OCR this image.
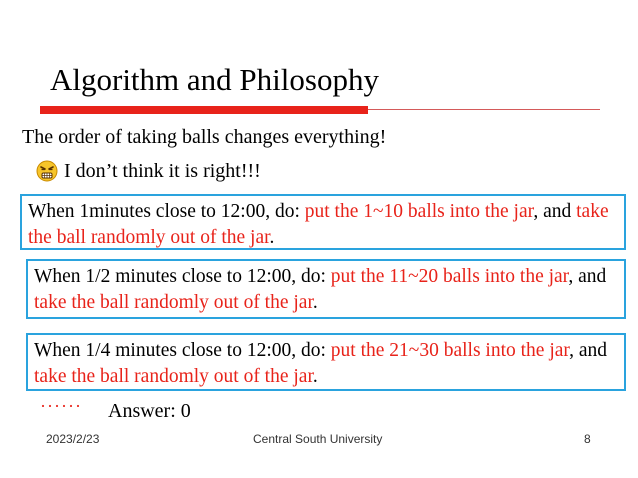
Algorithm and Philosophy
The order of taking balls changes everything!
I don’t think it is right!!!
When 1minutes close to 12:00, do: put the 1~10 balls into the jar, and take the ball randomly out of the jar.
When 1/2 minutes close to 12:00, do: put the 11~20 balls into the jar, and take the ball randomly out of the jar.
When 1/4 minutes close to 12:00, do: put the 21~30 balls into the jar, and take the ball randomly out of the jar.
······ Answer: 0
2023/2/23	Central South University	8
